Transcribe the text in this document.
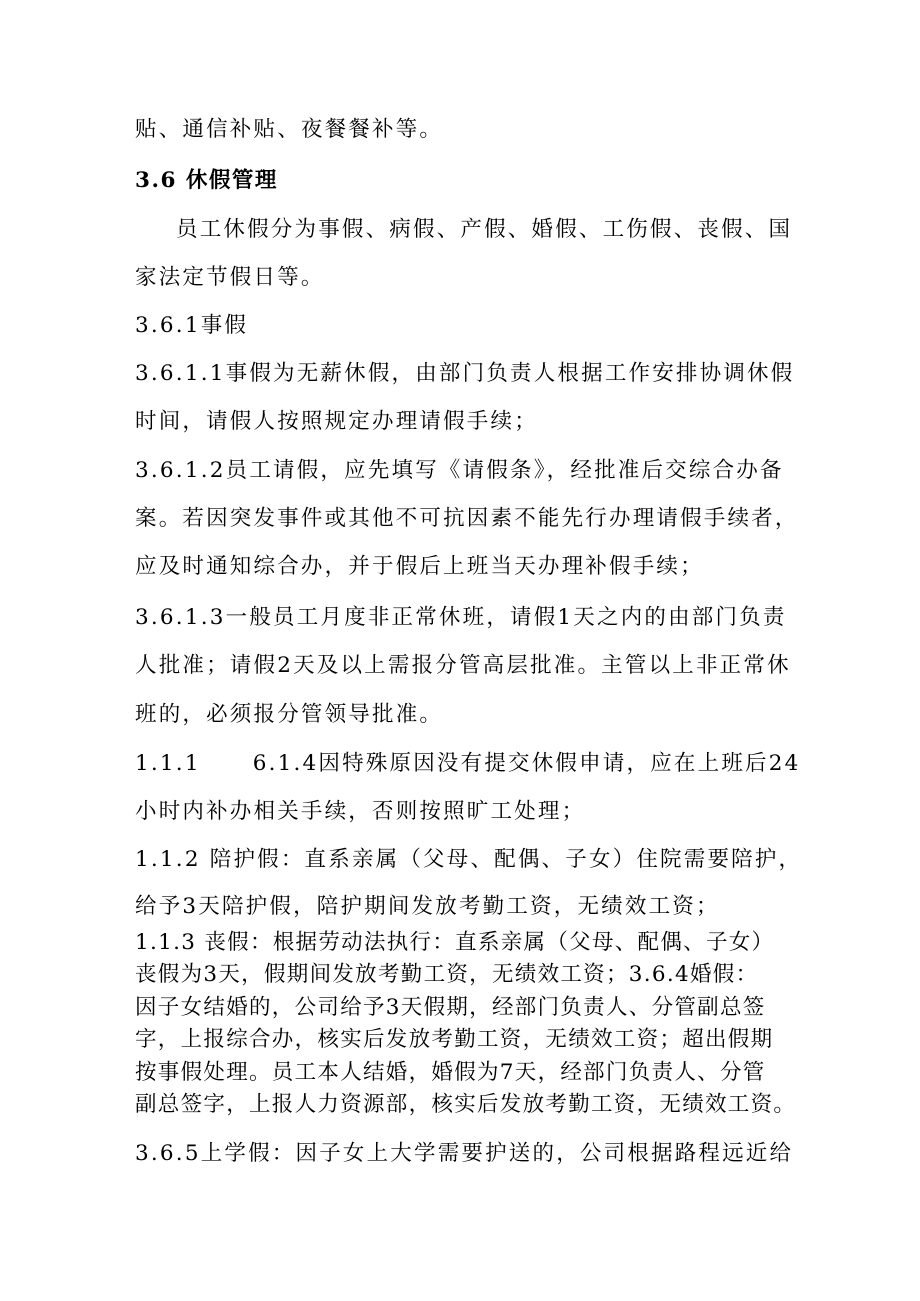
贴、通信补贴、夜餐餐补等。
3.6 休假管理
员工休假分为事假、病假、产假、婚假、工伤假、丧假、国
家法定节假日等。
3.6.1事假
3.6.1.1事假为无薪休假，由部门负责人根据工作安排协调休假
时间，请假人按照规定办理请假手续；
3.6.1.2员工请假，应先填写《请假条》，经批准后交综合办备
案。若因突发事件或其他不可抗因素不能先行办理请假手续者，
应及时通知综合办，并于假后上班当天办理补假手续；
3.6.1.3一般员工月度非正常休班，请假1天之内的由部门负责
人批准；请假2天及以上需报分管高层批准。主管以上非正常休
班的，必须报分管领导批准。
1.1.1 6.1.4因特殊原因没有提交休假申请，应在上班后24
小时内补办相关手续，否则按照旷工处理；
1.1.2 陪护假：直系亲属（父母、配偶、子女）住院需要陪护，
给予3天陪护假，陪护期间发放考勤工资，无绩效工资；
1.1.3 丧假：根据劳动法执行：直系亲属（父母、配偶、子女）
丧假为3天，假期间发放考勤工资，无绩效工资；3.6.4婚假：
因子女结婚的，公司给予3天假期，经部门负责人、分管副总签
字，上报综合办，核实后发放考勤工资，无绩效工资；超出假期
按事假处理。员工本人结婚，婚假为7天，经部门负责人、分管
副总签字，上报人力资源部，核实后发放考勤工资，无绩效工资。
3.6.5上学假：因子女上大学需要护送的，公司根据路程远近给
